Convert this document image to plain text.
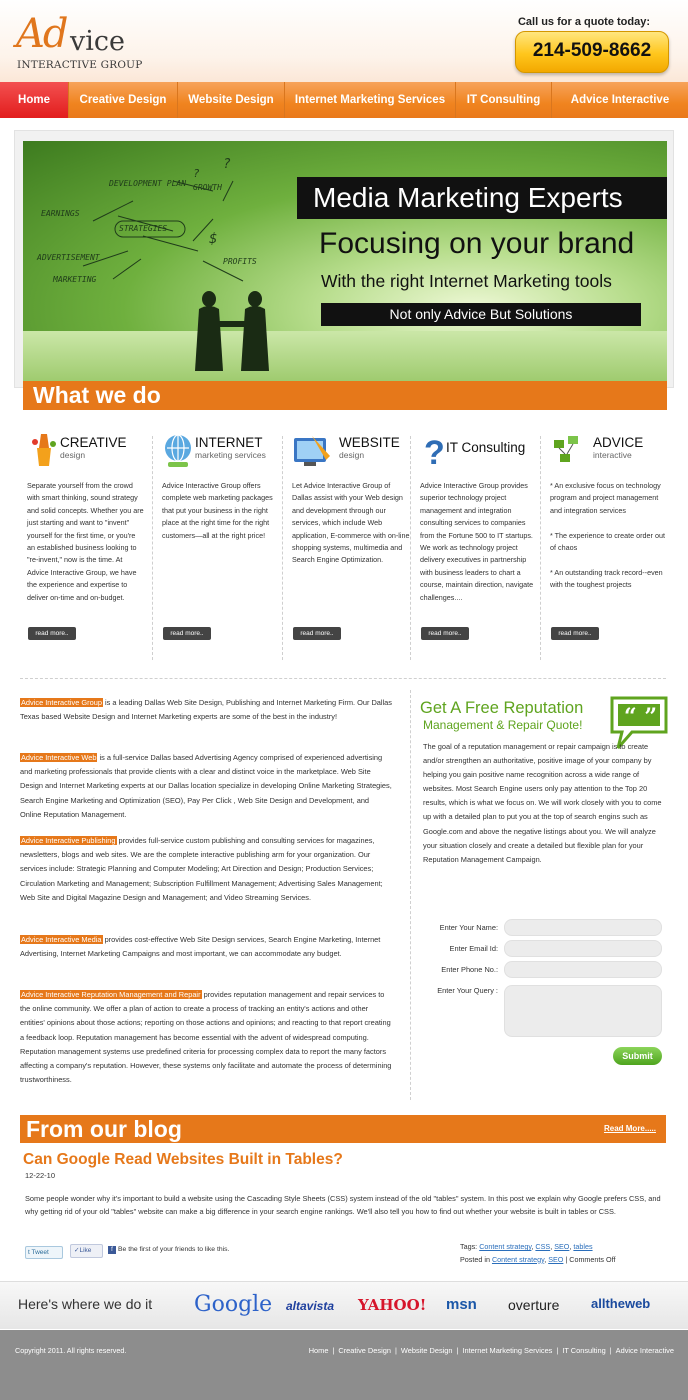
Ad vice
INTERACTIVE GROUP
Call us for a quote today:
214-509-8662
Home	Creative Design	Website Design	Internet Marketing Services	IT Consulting	Advice Interactive
DEVELOPMENT PLAN GROWTH
EARNINGS
STRATEGIES
ADVERTISEMENT
MARKETING
PROFITS
?
?
$
Media Marketing Experts
Focusing on your brand
With the right Internet Marketing tools
Not only Advice But Solutions
What we do
CREATIVE
design
Separate yourself from the crowd with smart thinking, sound strategy and solid concepts. Whether you are just starting and want to "invent" yourself for the first time, or you're an established business looking to "re-invent," now is the time. At Advice Interactive Group, we have the experience and expertise to deliver on-time and on-budget.
read more..
INTERNET
marketing services
Advice Interactive Group offers complete web marketing packages that put your business in the right place at the right time for the right customers—all at the right price!
read more..
WEBSITE
design
Let Advice Interactive Group of Dallas assist with your Web design and development through our services, which include Web application, E-commerce with on-line shopping systems, multimedia and Search Engine Optimization.
read more..
? IT Consulting
Advice Interactive Group provides superior technology project management and integration consulting services to companies from the Fortune 500 to IT startups. We work as technology project delivery executives in partnership with business leaders to chart a course, maintain direction, navigate challenges....
read more..
ADVICE
interactive
* An exclusive focus on technology program and project management and integration services

* The experience to create order out of chaos

* An outstanding track record--even with the toughest projects
read more..
Advice Interactive Group is a leading Dallas Web Site Design, Publishing and Internet Marketing Firm. Our Dallas Texas based Website Design and Internet Marketing experts are some of the best in the industry!
Advice Interactive Web is a full-service Dallas based Advertising Agency comprised of experienced advertising and marketing professionals that provide clients with a clear and distinct voice in the marketplace. Web Site Design and Internet Marketing experts at our Dallas location specialize in developing Online Marketing Strategies, Search Engine Marketing and Optimization (SEO), Pay Per Click , Web Site Design and Development, and Online Reputation Management.
Advice Interactive Publishing provides full-service custom publishing and consulting services for magazines, newsletters, blogs and web sites. We are the complete interactive publishing arm for your organization. Our services include: Strategic Planning and Computer Modeling; Art Direction and Design; Production Services; Circulation Marketing and Management; Subscription Fulfillment Management; Advertising Sales Management; Web Site and Digital Magazine Design and Management; and Video Streaming Services.
Advice Interactive Media provides cost-effective Web Site Design services, Search Engine Marketing, Internet Advertising, Internet Marketing Campaigns and most important, we can accommodate any budget.
Advice Interactive Reputation Management and Repair provides reputation management and repair services to the online community. We offer a plan of action to create a process of tracking an entity's actions and other entities' opinions about those actions; reporting on those actions and opinions; and reacting to that report creating a feedback loop. Reputation management has become essential with the advent of widespread computing. Reputation management systems use predefined criteria for processing complex data to report the many factors affecting a company's reputation. However, these systems only facilitate and automate the process of determining trustworthiness.
Get A Free Reputation
Management & Repair Quote! “ ”
The goal of a reputation management or repair campaign is to create and/or strengthen an authoritative, positive image of your company by helping you gain positive name recognition across a wide range of websites. Most Search Engine users only pay attention to the Top 20 results, which is what we focus on. We will work closely with you to come up with a detailed plan to put you at the top of search engins such as Google.com and above the negative listings about you. We will analyze your situation closely and create a detailed but flexible plan for your Reputation Management Campaign.
Enter Your Name:
Enter Email Id:
Enter Phone No.:
Enter Your Query :
Submit
From our blog	Read More.....
Can Google Read Websites Built in Tables?
12-22-10
Some people wonder why it's important to build a website using the Cascading Style Sheets (CSS) system instead of the old "tables" system. In this post we explain why Google prefers CSS, and why getting rid of your old "tables" website can make a big difference in your search engine rankings. We'll also tell you how to find out whether your website is built in tables or CSS.
t Tweet	✓Like	f Be the first of your friends to like this.	Tags: Content strategy, CSS, SEO, tables
Posted in Content strategy, SEO | Comments Off
Here's where we do it Google altavista YAHOO! msn overture alltheweb
Copyright 2011. All rights reserved.	Home | Creative Design | Website Design | Internet Marketing Services | IT Consulting | Advice Interactive
